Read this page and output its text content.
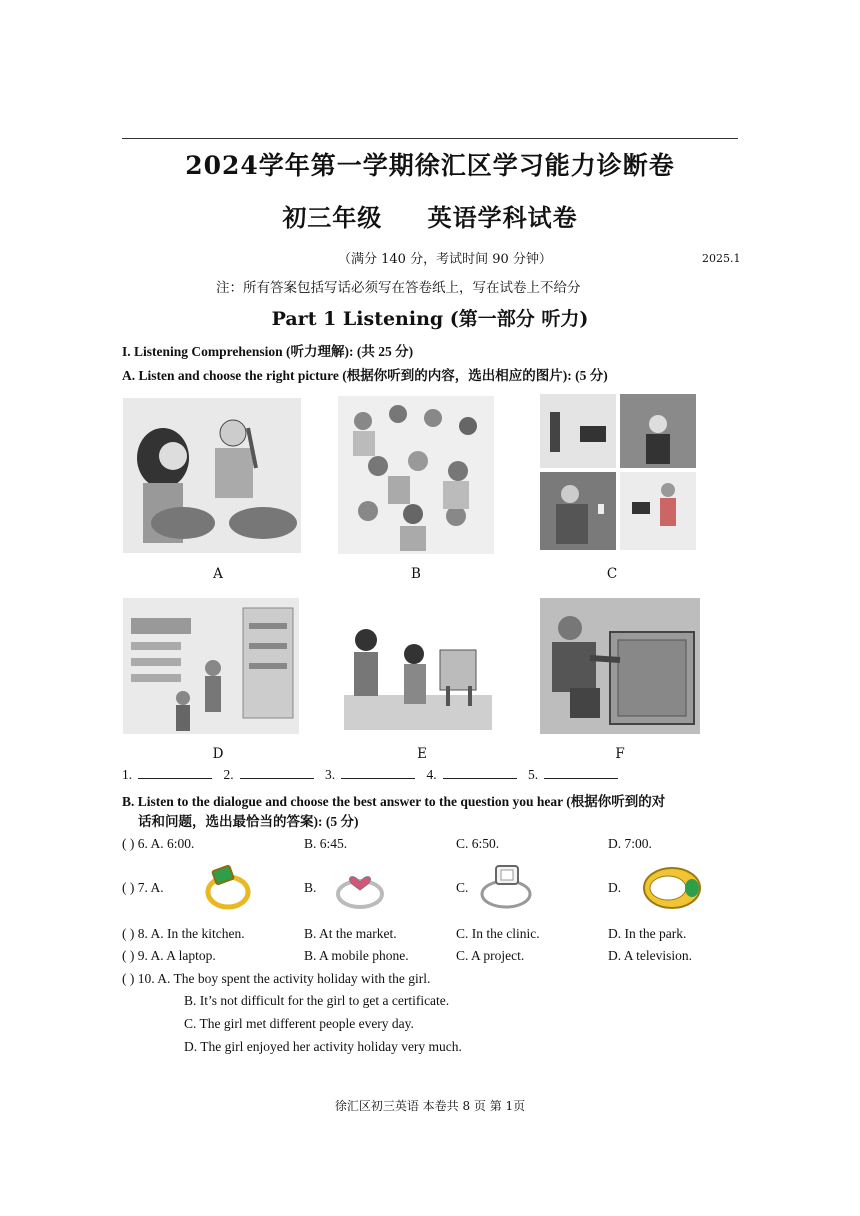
2024学年第一学期徐汇区学习能力诊断卷
初三年级 英语学科试卷
（满分 140 分，考试时间 90 分钟）	2025.1
注：所有答案包括写话必须写在答卷纸上，写在试卷上不给分
Part 1 Listening (第一部分 听力)
I. Listening Comprehension (听力理解): (共 25 分)
A. Listen and choose the right picture (根据你听到的内容，选出相应的图片): (5 分)
A	B	C
D	E	F
1.	2.	3.	4.	5.
B. Listen to the dialogue and choose the best answer to the question you hear (根据你听到的对
话和问题，选出最恰当的答案): (5 分)
( ) 6. A. 6:00.	B. 6:45.	C. 6:50.	D. 7:00.
( ) 7. A.	B.	C.	D.
( ) 8. A. In the kitchen.	B. At the market.	C. In the clinic.	D. In the park.
( ) 9. A. A laptop.	B. A mobile phone.	C. A project.	D. A television.
( ) 10. A. The boy spent the activity holiday with the girl.
B. It’s not difficult for the girl to get a certificate.
C. The girl met different people every day.
D. The girl enjoyed her activity holiday very much.
徐汇区初三英语 本卷共 8 页 第 1页
